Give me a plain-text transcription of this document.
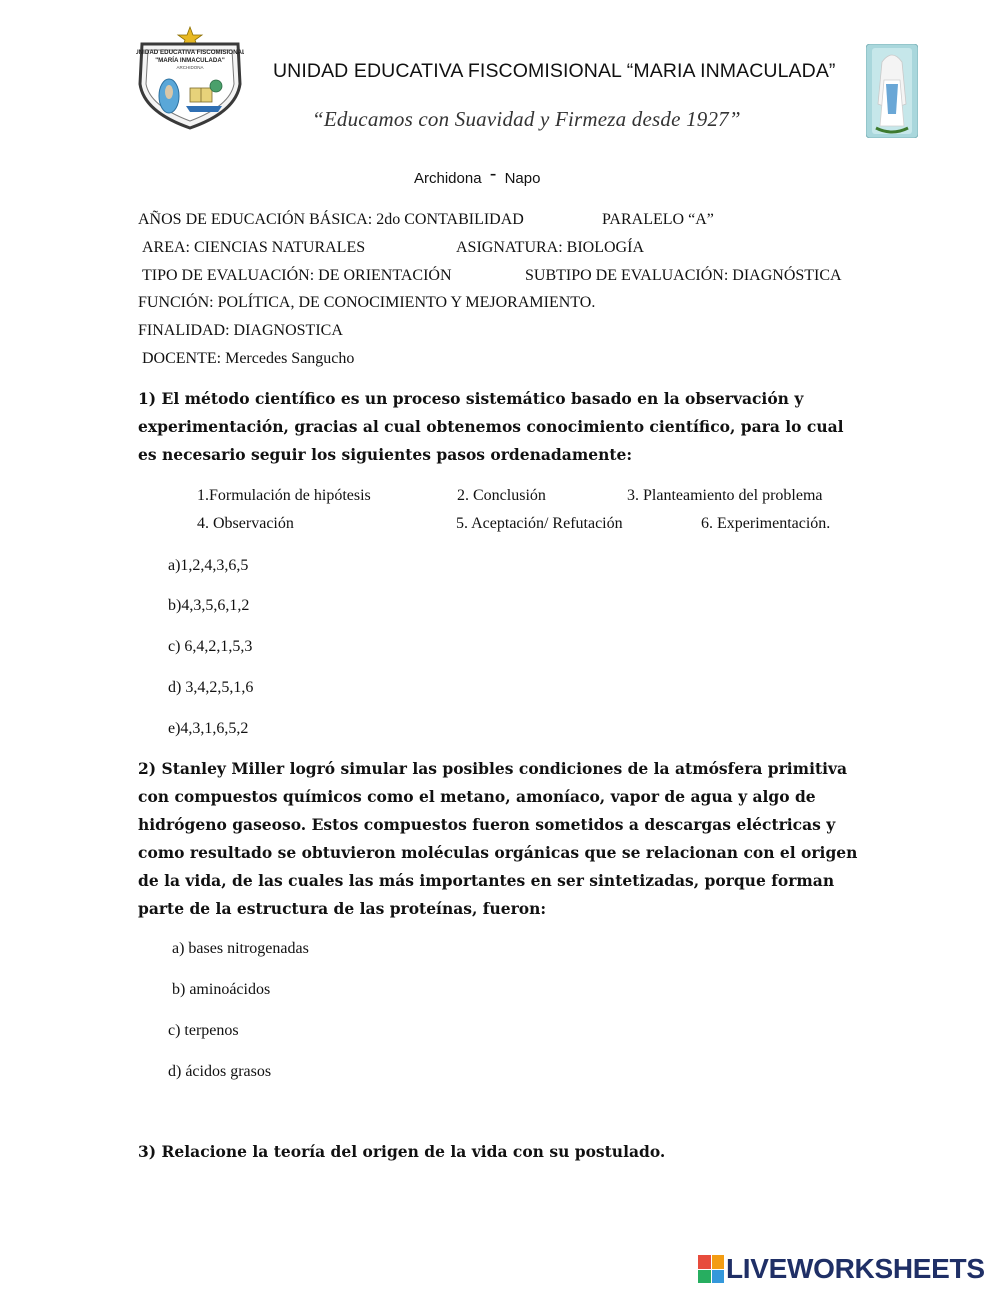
UNIDAD EDUCATIVA FISCOMISIONAL
"MARÍA INMACULADA"
ARCHIDONA	UNIDAD EDUCATIVA FISCOMISIONAL “MARIA INMACULADA”
“Educamos con Suavidad y Firmeza desde 1927”
Archidona - Napo
AÑOS DE EDUCACIÓN BÁSICA: 2do CONTABILIDAD	PARALELO “A”
AREA: CIENCIAS NATURALES	ASIGNATURA: BIOLOGÍA
TIPO DE EVALUACIÓN: DE ORIENTACIÓN	SUBTIPO DE EVALUACIÓN: DIAGNÓSTICA
FUNCIÓN: POLÍTICA, DE CONOCIMIENTO Y MEJORAMIENTO.
FINALIDAD: DIAGNOSTICA
DOCENTE: Mercedes Sangucho
1) El método científico es un proceso sistemático basado en la observación y experimentación, gracias al cual obtenemos conocimiento científico, para lo cual es necesario seguir los siguientes pasos ordenadamente:
1.Formulación de hipótesis	2. Conclusión	3. Planteamiento del problema
4. Observación	5. Aceptación/ Refutación	6. Experimentación.
a)1,2,4,3,6,5
b)4,3,5,6,1,2
c) 6,4,2,1,5,3
d) 3,4,2,5,1,6
e)4,3,1,6,5,2
2) Stanley Miller logró simular las posibles condiciones de la atmósfera primitiva con compuestos químicos como el metano, amoníaco, vapor de agua y algo de hidrógeno gaseoso. Estos compuestos fueron sometidos a descargas eléctricas y como resultado se obtuvieron moléculas orgánicas que se relacionan con el origen de la vida, de las cuales las más importantes en ser sintetizadas, porque forman parte de la estructura de las proteínas, fueron:
a) bases nitrogenadas
b) aminoácidos
c) terpenos
d) ácidos grasos
3) Relacione la teoría del origen de la vida con su postulado.
LIVEWORKSHEETS
